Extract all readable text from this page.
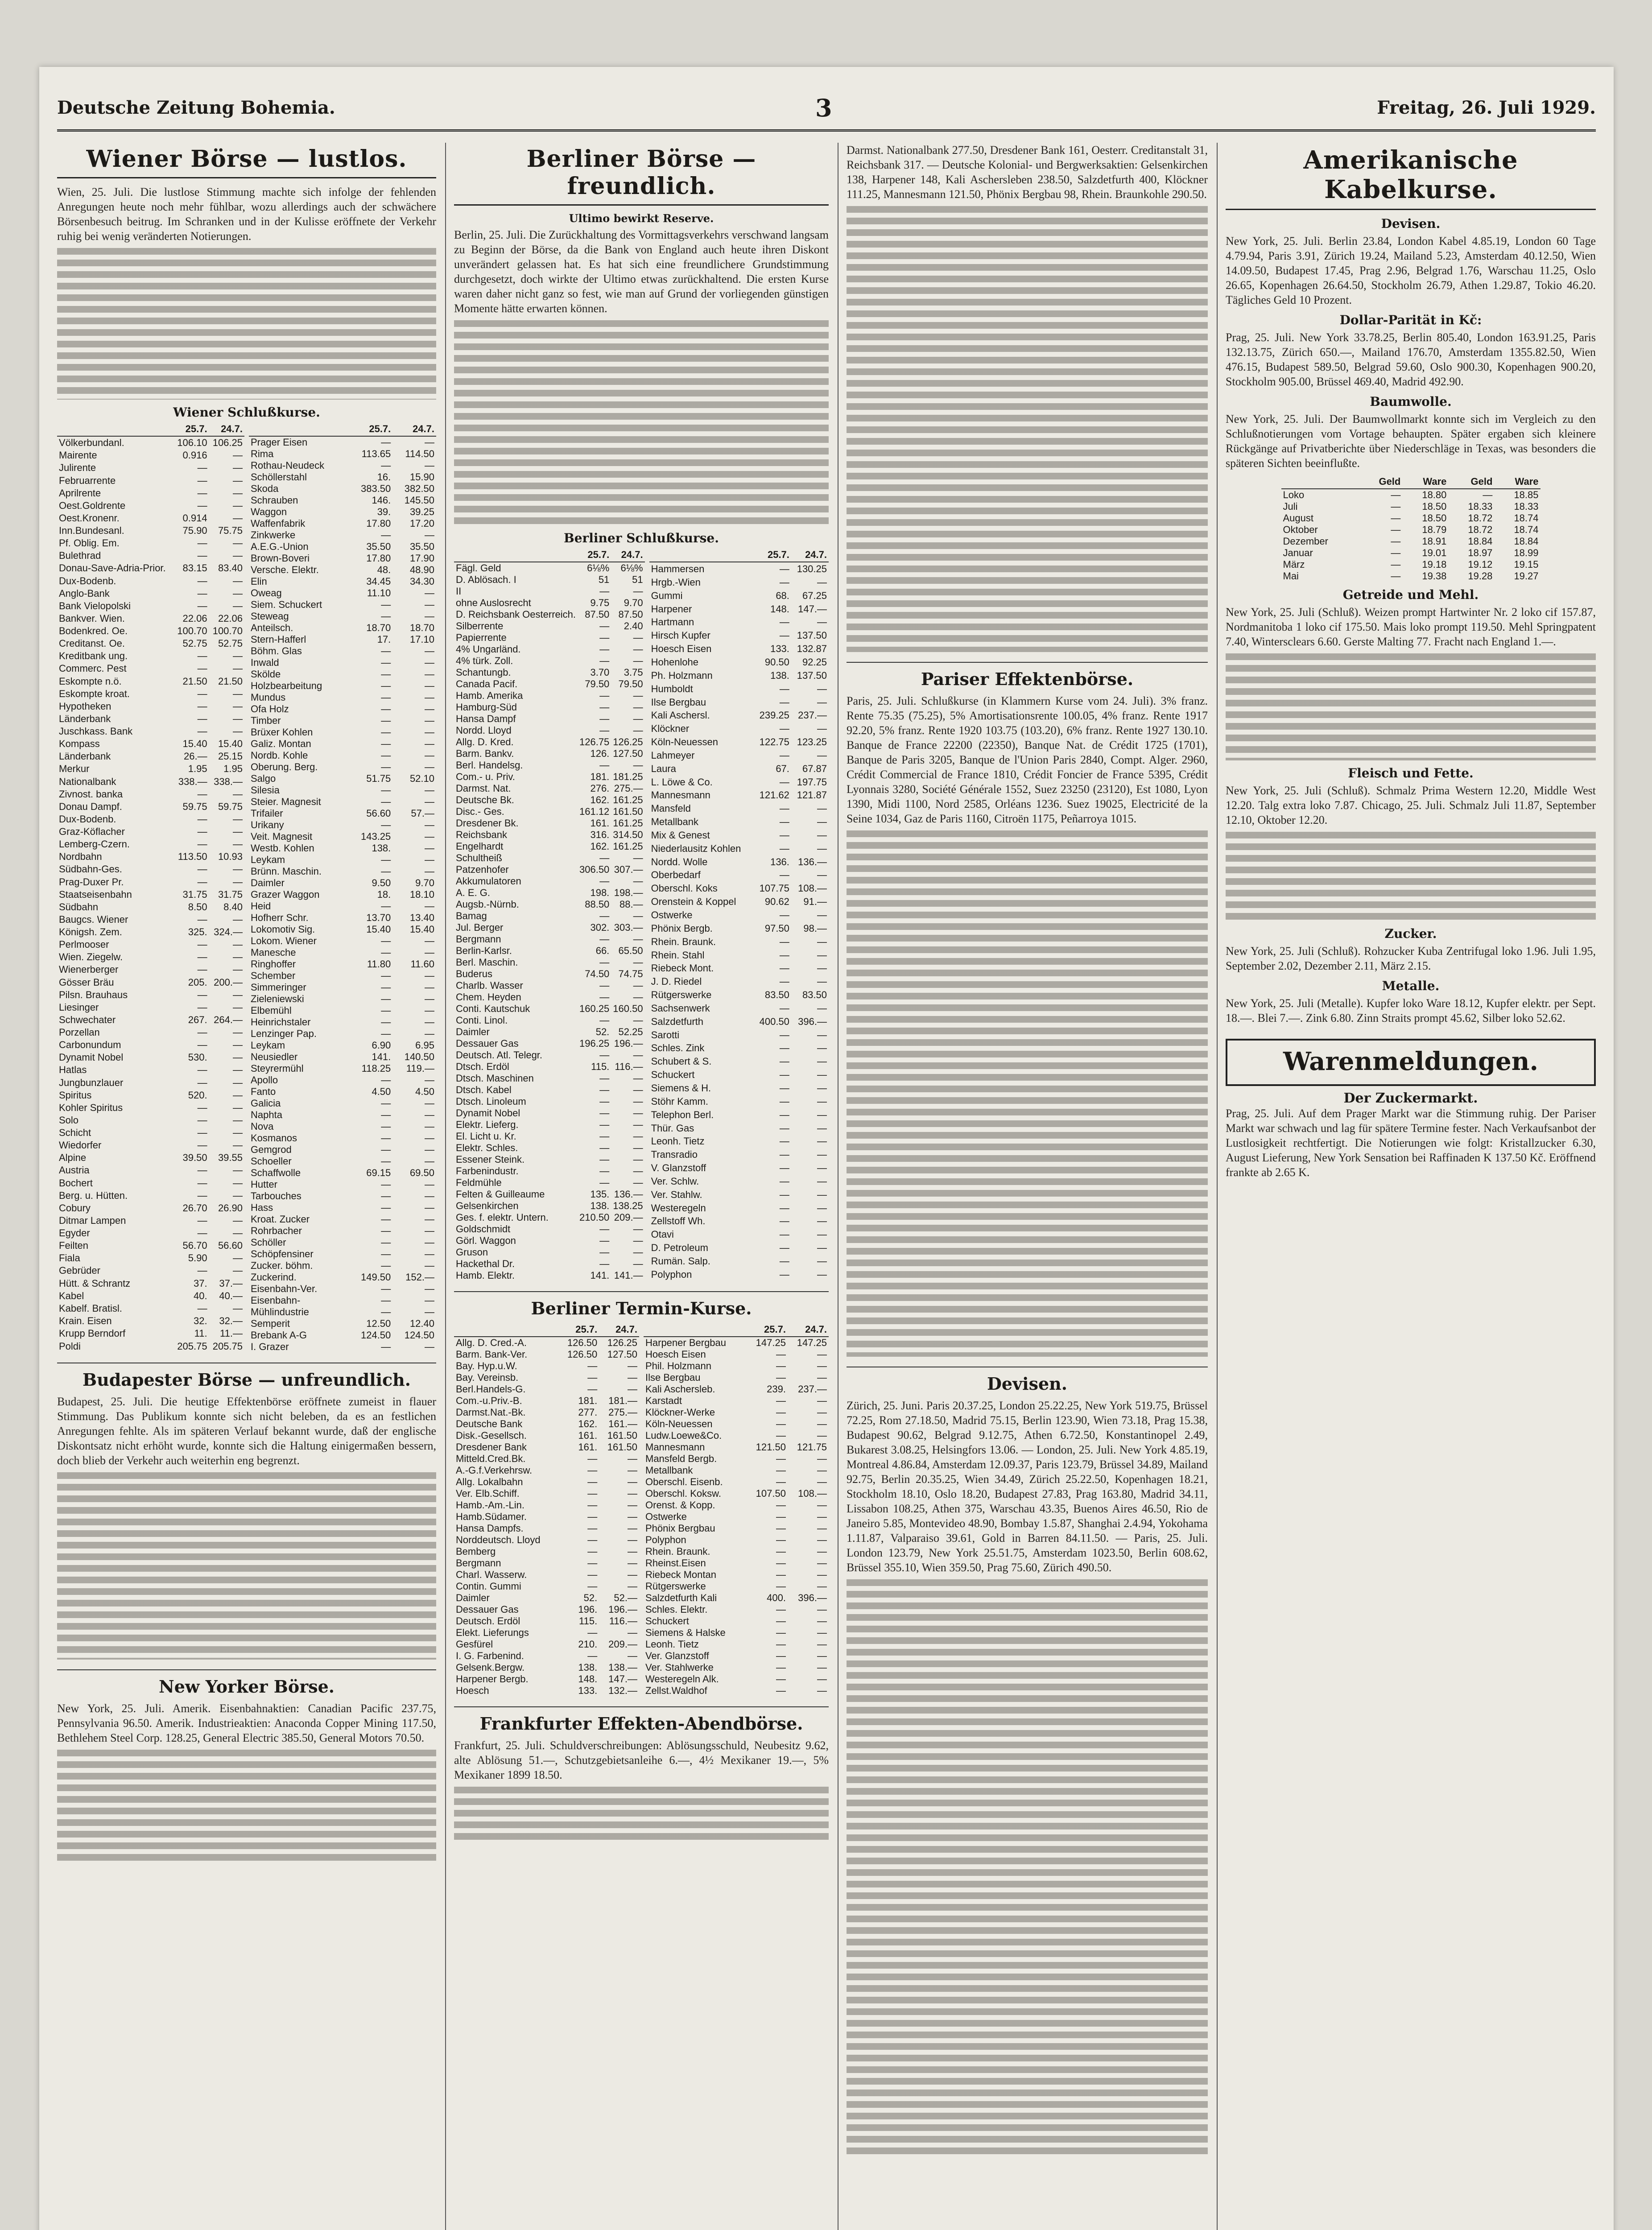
Deutsche Zeitung Bohemia.	3	Freitag, 26. Juli 1929.
Wiener Börse — lustlos.

Wien, 25. Juli. Die lustlose Stimmung machte sich infolge der fehlenden Anregungen heute noch mehr fühlbar, wozu allerdings auch der schwächere Börsenbesuch beitrug. Im Schranken und in der Kulisse eröffnete der Verkehr ruhig bei wenig veränderten Notierungen.

Wiener Schlußkurse.
	25.7.	24.7.
Völkerbundanl.	106.10	106.25
Mairente	0.916	—
Julirente	—	—
Februarrente	—	—
Aprilrente	—	—
Oest.Goldrente	—	—
Oest.Kronenr.	0.914	—
Inn.Bundesanl.	75.90	75.75
Pf. Oblig. Em.	—	—
Bulethrad	—	—
Donau-Save-Adria-Prior.	83.15	83.40
Dux-Bodenb.	—	—
Anglo-Bank	—	—
Bank Vielopolski	—	—
Bankver. Wien.	22.06	22.06
Bodenkred. Oe.	100.70	100.70
Creditanst. Oe.	52.75	52.75
Kreditbank ung.	—	—
Commerc. Pest	—	—
Eskompte n.ö.	21.50	21.50
Eskompte kroat.	—	—
Hypotheken	—	—
Länderbank	—	—
Juschkass. Bank	—	—
Kompass	15.40	15.40
Länderbank	26.—	25.15
Merkur	1.95	1.95
Nationalbank	338.—	338.—
Zivnost. banka	—	—
Donau Dampf.	59.75	59.75
Dux-Bodenb.	—	—
Graz-Köflacher	—	—
Lemberg-Czern.	—	—
Nordbahn	113.50	10.93
Südbahn-Ges.	—	—
Prag-Duxer Pr.	—	—
Staatseisenbahn	31.75	31.75
Südbahn	8.50	8.40
Baugcs. Wiener	—	—
Königsh. Zem.	325.	324.—
Perlmooser	—	—
Wien. Ziegelw.	—	—
Wienerberger	—	—
Gösser Bräu	205.	200.—
Pilsn. Brauhaus	—	—
Liesinger	—	—
Schwechater	267.	264.—
Porzellan	—	—
Carbonundum	—	—
Dynamit Nobel	530.	—
Hatlas	—	—
Jungbunzlauer	—	—
Spiritus	520.	—
Kohler Spiritus	—	—
Solo	—	—
Schicht	—	—
Wiedorfer	—	—
Alpine	39.50	39.55
Austria	—	—
Bochert	—	—
Berg. u. Hütten.	—	—
Cobury	26.70	26.90
Ditmar Lampen	—	—
Egyder	—	—
Feilten	56.70	56.60
Fiala	5.90	—
Gebrüder	—	—
Hütt. & Schrantz	37.	37.—
Kabel	40.	40.—
Kabelf. Bratisl.	—	—
Krain. Eisen	32.	32.—
Krupp Berndorf	11.	11.—
Poldi	205.75	205.75
	25.7.	24.7.
Prager Eisen	—	—
Rima	113.65	114.50
Rothau-Neudeck	—	—
Schöllerstahl	16.	15.90
Skoda	383.50	382.50
Schrauben	146.	145.50
Waggon	39.	39.25
Waffenfabrik	17.80	17.20
Zinkwerke	—	—
A.E.G.-Union	35.50	35.50
Brown-Boveri	17.80	17.90
Versche. Elektr.	48.	48.90
Elin	34.45	34.30
Oweag	11.10	—
Siem. Schuckert	—	—
Steweag	—	—
Anteilsch.	18.70	18.70
Stern-Hafferl	17.	17.10
Böhm. Glas	—	—
Inwald	—	—
Skölde	—	—
Holzbearbeitung	—	—
Mundus	—	—
Ofa Holz	—	—
Timber	—	—
Brüxer Kohlen	—	—
Galiz. Montan	—	—
Nordb. Kohle	—	—
Oberung. Berg.	—	—
Salgo	51.75	52.10
Silesia	—	—
Steier. Magnesit	—	—
Trifailer	56.60	57.—
Urikany	—	—
Veit. Magnesit	143.25	—
Westb. Kohlen	138.	—
Leykam	—	—
Brünn. Maschin.	—	—
Daimler	9.50	9.70
Grazer Waggon	18.	18.10
Heid	—	—
Hofherr Schr.	13.70	13.40
Lokomotiv Sig.	15.40	15.40
Lokom. Wiener	—	—
Manesche	—	—
Ringhoffer	11.80	11.60
Schember	—	—
Simmeringer	—	—
Zieleniewski	—	—
Elbemühl	—	—
Heinrichstaler	—	—
Lenzinger Pap.	—	—
Leykam	6.90	6.95
Neusiedler	141.	140.50
Steyrermühl	118.25	119.—
Apollo	—	—
Fanto	4.50	4.50
Galicia	—	—
Naphta	—	—
Nova	—	—
Kosmanos	—	—
Gemgrod	—	—
Schoeller	—	—
Schaffwolle	69.15	69.50
Hutter	—	—
Tarbouches	—	—
Hass	—	—
Kroat. Zucker	—	—
Rohrbacher	—	—
Schöller	—	—
Schöpfensiner	—	—
Zucker. böhm.	—	—
Zuckerind.	149.50	152.—
Eisenbahn-Ver.	—	—
Eisenbahn-	—	—
Mühlindustrie	—	—
Semperit	12.50	12.40
Brebank A-G	124.50	124.50
I. Grazer	—	—
Budapester Börse — unfreundlich.

Budapest, 25. Juli. Die heutige Effektenbörse eröffnete zumeist in flauer Stimmung. Das Publikum konnte sich nicht beleben, da es an festlichen Anregungen fehlte. Als im späteren Verlauf bekannt wurde, daß der englische Diskontsatz nicht erhöht wurde, konnte sich die Haltung einigermaßen bessern, doch blieb der Verkehr auch weiterhin eng begrenzt.

New Yorker Börse.

New York, 25. Juli. Amerik. Eisenbahnaktien: Canadian Pacific 237.75, Pennsylvania 96.50. Amerik. Industrieaktien: Anaconda Copper Mining 117.50, Bethlehem Steel Corp. 128.25, General Electric 385.50, General Motors 70.50.

Berliner Börse — freundlich.
Ultimo bewirkt Reserve.

Berlin, 25. Juli. Die Zurückhaltung des Vormittagsverkehrs verschwand langsam zu Beginn der Börse, da die Bank von England auch heute ihren Diskont unverändert gelassen hat. Es hat sich eine freundlichere Grundstimmung durchgesetzt, doch wirkte der Ultimo etwas zurückhaltend. Die ersten Kurse waren daher nicht ganz so fest, wie man auf Grund der vorliegenden günstigen Momente hätte erwarten können.

Berliner Schlußkurse.
	25.7.	24.7.
Fägl. Geld	6⅛%	6⅛%
D. Ablösach. I	51	51
II	—	—
ohne Auslosrecht	9.75	9.70
D. Reichsbank Oesterreich.	87.50	87.50
Silberrente	—	2.40
Papierrente	—	—
4% Ungarländ.	—	—
4% türk. Zoll.	—	—
Schantungb.	3.70	3.75
Canada Pacif.	79.50	79.50
Hamb. Amerika	—	—
Hamburg-Süd	—	—
Hansa Dampf	—	—
Nordd. Lloyd	—	—
Allg. D. Kred.	126.75	126.25
Barm. Bankv.	126.	127.50
Berl. Handelsg.	—	—
Com.- u. Priv.	181.	181.25
Darmst. Nat.	276.	275.—
Deutsche Bk.	162.	161.25
Disc.- Ges.	161.12	161.50
Dresdener Bk.	161.	161.25
Reichsbank	316.	314.50
Engelhardt	162.	161.25
Schultheiß	—	—
Patzenhofer	306.50	307.—
Akkumulatoren	—	—
A. E. G.	198.	198.—
Augsb.-Nürnb.	88.50	88.—
Bamag	—	—
Jul. Berger	302.	303.—
Bergmann	—	—
Berlin-Karlsr.	66.	65.50
Berl. Maschin.	—	—
Buderus	74.50	74.75
Charlb. Wasser	—	—
Chem. Heyden	—	—
Conti. Kautschuk	160.25	160.50
Conti. Linol.	—	—
Daimler	52.	52.25
Dessauer Gas	196.25	196.—
Deutsch. Atl. Telegr.	—	—
Dtsch. Erdöl	115.	116.—
Dtsch. Maschinen	—	—
Dtsch. Kabel	—	—
Dtsch. Linoleum	—	—
Dynamit Nobel	—	—
Elektr. Lieferg.	—	—
El. Licht u. Kr.	—	—
Elektr. Schles.	—	—
Essener Steink.	—	—
Farbenindustr.	—	—
Feldmühle	—	—
Felten & Guilleaume	135.	136.—
Gelsenkirchen	138.	138.25
Ges. f. elektr. Untern.	210.50	209.—
Goldschmidt	—	—
Görl. Waggon	—	—
Gruson	—	—
Hackethal Dr.	—	—
Hamb. Elektr.	141.	141.—
	25.7.	24.7.
Hammersen	—	130.25
Hrgb.-Wien	—	—
Gummi	68.	67.25
Harpener	148.	147.—
Hartmann	—	—
Hirsch Kupfer	—	137.50
Hoesch Eisen	133.	132.87
Hohenlohe	90.50	92.25
Ph. Holzmann	138.	137.50
Humboldt	—	—
Ilse Bergbau	—	—
Kali Aschersl.	239.25	237.—
Klöckner	—	—
Köln-Neuessen	122.75	123.25
Lahmeyer	—	—
Laura	67.	67.87
L. Löwe & Co.	—	197.75
Mannesmann	121.62	121.87
Mansfeld	—	—
Metallbank	—	—
Mix & Genest	—	—
Niederlausitz Kohlen	—	—
Nordd. Wolle	136.	136.—
Oberbedarf	—	—
Oberschl. Koks	107.75	108.—
Orenstein & Koppel	90.62	91.—
Ostwerke	—	—
Phönix Bergb.	97.50	98.—
Rhein. Braunk.	—	—
Rhein. Stahl	—	—
Riebeck Mont.	—	—
J. D. Riedel	—	—
Rütgerswerke	83.50	83.50
Sachsenwerk	—	—
Salzdetfurth	400.50	396.—
Sarotti	—	—
Schles. Zink	—	—
Schubert & S.	—	—
Schuckert	—	—
Siemens & H.	—	—
Stöhr Kamm.	—	—
Telephon Berl.	—	—
Thür. Gas	—	—
Leonh. Tietz	—	—
Transradio	—	—
V. Glanzstoff	—	—
Ver. Schlw.	—	—
Ver. Stahlw.	—	—
Westeregeln	—	—
Zellstoff Wh.	—	—
Otavi	—	—
D. Petroleum	—	—
Rumän. Salp.	—	—
Polyphon	—	—
Berliner Termin-Kurse.
	25.7.	24.7.
Allg. D. Cred.-A.	126.50	126.25
Barm. Bank-Ver.	126.50	127.50
Bay. Hyp.u.W.	—	—
Bay. Vereinsb.	—	—
Berl.Handels-G.	—	—
Com.-u.Priv.-B.	181.	181.—
Darmst.Nat.-Bk.	277.	275.—
Deutsche Bank	162.	161.—
Disk.-Gesellsch.	161.	161.50
Dresdener Bank	161.	161.50
Mitteld.Cred.Bk.	—	—
A.-G.f.Verkehrsw.	—	—
Allg. Lokalbahn	—	—
Ver. Elb.Schiff.	—	—
Hamb.-Am.-Lin.	—	—
Hamb.Südamer.	—	—
Hansa Dampfs.	—	—
Norddeutsch. Lloyd	—	—
Bemberg	—	—
Bergmann	—	—
Charl. Wasserw.	—	—
Contin. Gummi	—	—
Daimler	52.	52.—
Dessauer Gas	196.	196.—
Deutsch. Erdöl	115.	116.—
Elekt. Lieferungs	—	—
Gesfürel	210.	209.—
I. G. Farbenind.	—	—
Gelsenk.Bergw.	138.	138.—
Harpener Bergb.	148.	147.—
Hoesch	133.	132.—
	25.7.	24.7.
Harpener Bergbau	147.25	147.25
Hoesch Eisen	—	—
Phil. Holzmann	—	—
Ilse Bergbau	—	—
Kali Aschersleb.	239.	237.—
Karstadt	—	—
Klöckner-Werke	—	—
Köln-Neuessen	—	—
Ludw.Loewe&Co.	—	—
Mannesmann	121.50	121.75
Mansfeld Bergb.	—	—
Metallbank	—	—
Oberschl. Eisenb.	—	—
Oberschl. Koksw.	107.50	108.—
Orenst. & Kopp.	—	—
Ostwerke	—	—
Phönix Bergbau	—	—
Polyphon	—	—
Rhein. Braunk.	—	—
Rheinst.Eisen	—	—
Riebeck Montan	—	—
Rütgerswerke	—	—
Salzdetfurth Kali	400.	396.—
Schles. Elektr.	—	—
Schuckert	—	—
Siemens & Halske	—	—
Leonh. Tietz	—	—
Ver. Glanzstoff	—	—
Ver. Stahlwerke	—	—
Westeregeln Alk.	—	—
Zellst.Waldhof	—	—
Frankfurter Effekten-Abendbörse.

Frankfurt, 25. Juli. Schuldverschreibungen: Ablösungsschuld, Neubesitz 9.62, alte Ablösung 51.—, Schutzgebietsanleihe 6.—, 4½ Mexikaner 19.—, 5% Mexikaner 1899 18.50.

Darmst. Nationalbank 277.50, Dresdener Bank 161, Oesterr. Creditanstalt 31, Reichsbank 317. — Deutsche Kolonial- und Bergwerksaktien: Gelsenkirchen 138, Harpener 148, Kali Aschersleben 238.50, Salzdetfurth 400, Klöckner 111.25, Mannesmann 121.50, Phönix Bergbau 98, Rhein. Braunkohle 290.50.

Pariser Effektenbörse.

Paris, 25. Juli. Schlußkurse (in Klammern Kurse vom 24. Juli). 3% franz. Rente 75.35 (75.25), 5% Amortisationsrente 100.05, 4% franz. Rente 1917 92.20, 5% franz. Rente 1920 103.75 (103.20), 6% franz. Rente 1927 130.10. Banque de France 22200 (22350), Banque Nat. de Crédit 1725 (1701), Banque de Paris 3205, Banque de l'Union Paris 2840, Compt. Alger. 2960, Crédit Commercial de France 1810, Crédit Foncier de France 5395, Crédit Lyonnais 3280, Société Générale 1552, Suez 23250 (23120), Est 1080, Lyon 1390, Midi 1100, Nord 2585, Orléans 1236. Suez 19025, Electricité de la Seine 1034, Gaz de Paris 1160, Citroën 1175, Peñarroya 1015.

Devisen.

Zürich, 25. Juni. Paris 20.37.25, London 25.22.25, New York 519.75, Brüssel 72.25, Rom 27.18.50, Madrid 75.15, Berlin 123.90, Wien 73.18, Prag 15.38, Budapest 90.62, Belgrad 9.12.75, Athen 6.72.50, Konstantinopel 2.49, Bukarest 3.08.25, Helsingfors 13.06. — London, 25. Juli. New York 4.85.19, Montreal 4.86.84, Amsterdam 12.09.37, Paris 123.79, Brüssel 34.89, Mailand 92.75, Berlin 20.35.25, Wien 34.49, Zürich 25.22.50, Kopenhagen 18.21, Stockholm 18.10, Oslo 18.20, Budapest 27.83, Prag 163.80, Madrid 34.11, Lissabon 108.25, Athen 375, Warschau 43.35, Buenos Aires 46.50, Rio de Janeiro 5.85, Montevideo 48.90, Bombay 1.5.87, Shanghai 2.4.94, Yokohama 1.11.87, Valparaiso 39.61, Gold in Barren 84.11.50. — Paris, 25. Juli. London 123.79, New York 25.51.75, Amsterdam 1023.50, Berlin 608.62, Brüssel 355.10, Wien 359.50, Prag 75.60, Zürich 490.50.

Amerikanische Kabelkurse.
Devisen.

New York, 25. Juli. Berlin 23.84, London Kabel 4.85.19, London 60 Tage 4.79.94, Paris 3.91, Zürich 19.24, Mailand 5.23, Amsterdam 40.12.50, Wien 14.09.50, Budapest 17.45, Prag 2.96, Belgrad 1.76, Warschau 11.25, Oslo 26.65, Kopenhagen 26.64.50, Stockholm 26.79, Athen 1.29.87, Tokio 46.20. Tägliches Geld 10 Prozent.

Dollar-Parität in Kč:

Prag, 25. Juli. New York 33.78.25, Berlin 805.40, London 163.91.25, Paris 132.13.75, Zürich 650.—, Mailand 176.70, Amsterdam 1355.82.50, Wien 476.15, Budapest 589.50, Belgrad 59.60, Oslo 900.30, Kopenhagen 900.20, Stockholm 905.00, Brüssel 469.40, Madrid 492.90.

Baumwolle.

New York, 25. Juli. Der Baumwollmarkt konnte sich im Vergleich zu den Schlußnotierungen vom Vortage behaupten. Später ergaben sich kleinere Rückgänge auf Privatberichte über Niederschläge in Texas, was besonders die späteren Sichten beeinflußte.

	Geld	Ware	Geld	Ware
Loko	—	18.80	—	18.85
Juli	—	18.50	18.33	18.33
August	—	18.50	18.72	18.74
Oktober	—	18.79	18.72	18.74
Dezember	—	18.91	18.84	18.84
Januar	—	19.01	18.97	18.99
März	—	19.18	19.12	19.15
Mai	—	19.38	19.28	19.27
Getreide und Mehl.

New York, 25. Juli (Schluß). Weizen prompt Hartwinter Nr. 2 loko cif 157.87, Nordmanitoba 1 loko cif 175.50. Mais loko prompt 119.50. Mehl Springpatent 7.40, Wintersclears 6.60. Gerste Malting 77. Fracht nach England 1.—.

Fleisch und Fette.

New York, 25. Juli (Schluß). Schmalz Prima Western 12.20, Middle West 12.20. Talg extra loko 7.87. Chicago, 25. Juli. Schmalz Juli 11.87, September 12.10, Oktober 12.20.

Zucker.

New York, 25. Juli (Schluß). Rohzucker Kuba Zentrifugal loko 1.96. Juli 1.95, September 2.02, Dezember 2.11, März 2.15.

Metalle.

New York, 25. Juli (Metalle). Kupfer loko Ware 18.12, Kupfer elektr. per Sept. 18.—. Blei 7.—. Zink 6.80. Zinn Straits prompt 45.62, Silber loko 52.62.

Warenmeldungen.
Der Zuckermarkt.

Prag, 25. Juli. Auf dem Prager Markt war die Stimmung ruhig. Der Pariser Markt war schwach und lag für spätere Termine fester. Nach Verkaufsanbot der Lustlosigkeit rechtfertigt. Die Notierungen wie folgt: Kristallzucker 6.30, August Lieferung, New York Sensation bei Raffinaden K 137.50 Kč. Eröffnend frankte ab 2.65 K.
